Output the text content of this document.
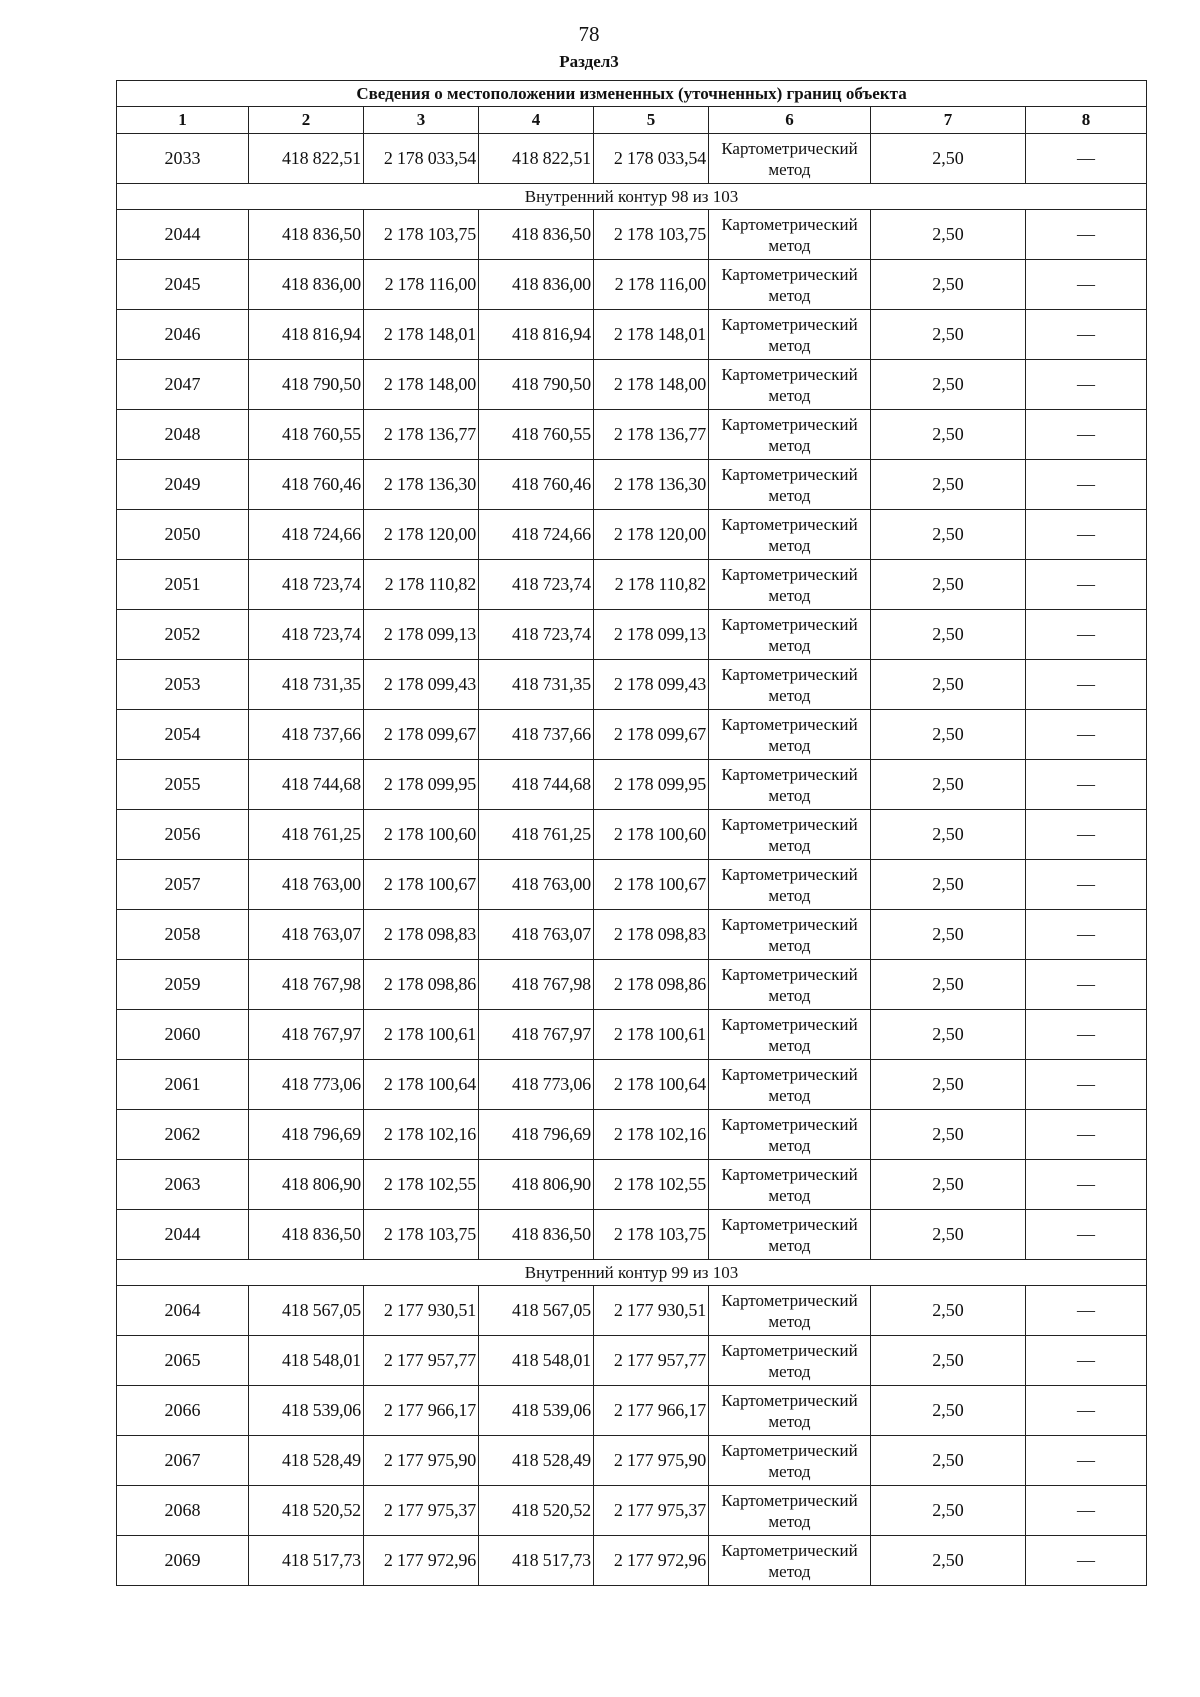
78
Раздел3
Сведения о местоположении измененных (уточненных) границ объекта							
1	2	3	4	5	6	7	8
2033	418 822,51	2 178 033,54	418 822,51	2 178 033,54	Картометрический метод	2,50	—
Внутренний контур 98 из 103							
2044	418 836,50	2 178 103,75	418 836,50	2 178 103,75	Картометрический метод	2,50	—
2045	418 836,00	2 178 116,00	418 836,00	2 178 116,00	Картометрический метод	2,50	—
2046	418 816,94	2 178 148,01	418 816,94	2 178 148,01	Картометрический метод	2,50	—
2047	418 790,50	2 178 148,00	418 790,50	2 178 148,00	Картометрический метод	2,50	—
2048	418 760,55	2 178 136,77	418 760,55	2 178 136,77	Картометрический метод	2,50	—
2049	418 760,46	2 178 136,30	418 760,46	2 178 136,30	Картометрический метод	2,50	—
2050	418 724,66	2 178 120,00	418 724,66	2 178 120,00	Картометрический метод	2,50	—
2051	418 723,74	2 178 110,82	418 723,74	2 178 110,82	Картометрический метод	2,50	—
2052	418 723,74	2 178 099,13	418 723,74	2 178 099,13	Картометрический метод	2,50	—
2053	418 731,35	2 178 099,43	418 731,35	2 178 099,43	Картометрический метод	2,50	—
2054	418 737,66	2 178 099,67	418 737,66	2 178 099,67	Картометрический метод	2,50	—
2055	418 744,68	2 178 099,95	418 744,68	2 178 099,95	Картометрический метод	2,50	—
2056	418 761,25	2 178 100,60	418 761,25	2 178 100,60	Картометрический метод	2,50	—
2057	418 763,00	2 178 100,67	418 763,00	2 178 100,67	Картометрический метод	2,50	—
2058	418 763,07	2 178 098,83	418 763,07	2 178 098,83	Картометрический метод	2,50	—
2059	418 767,98	2 178 098,86	418 767,98	2 178 098,86	Картометрический метод	2,50	—
2060	418 767,97	2 178 100,61	418 767,97	2 178 100,61	Картометрический метод	2,50	—
2061	418 773,06	2 178 100,64	418 773,06	2 178 100,64	Картометрический метод	2,50	—
2062	418 796,69	2 178 102,16	418 796,69	2 178 102,16	Картометрический метод	2,50	—
2063	418 806,90	2 178 102,55	418 806,90	2 178 102,55	Картометрический метод	2,50	—
2044	418 836,50	2 178 103,75	418 836,50	2 178 103,75	Картометрический метод	2,50	—
Внутренний контур 99 из 103							
2064	418 567,05	2 177 930,51	418 567,05	2 177 930,51	Картометрический метод	2,50	—
2065	418 548,01	2 177 957,77	418 548,01	2 177 957,77	Картометрический метод	2,50	—
2066	418 539,06	2 177 966,17	418 539,06	2 177 966,17	Картометрический метод	2,50	—
2067	418 528,49	2 177 975,90	418 528,49	2 177 975,90	Картометрический метод	2,50	—
2068	418 520,52	2 177 975,37	418 520,52	2 177 975,37	Картометрический метод	2,50	—
2069	418 517,73	2 177 972,96	418 517,73	2 177 972,96	Картометрический метод	2,50	—
